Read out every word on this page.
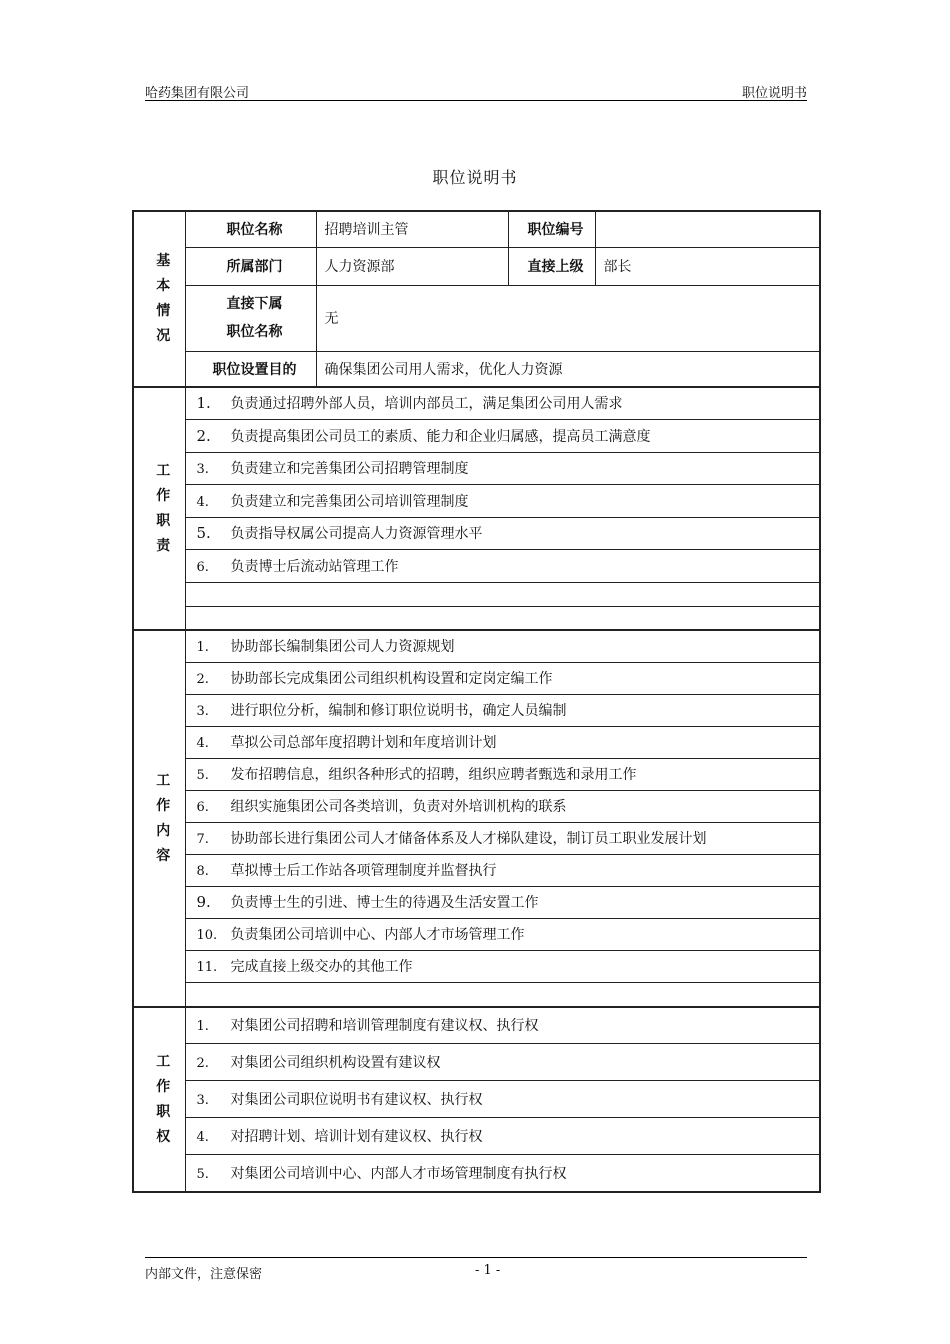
哈药集团有限公司	职位说明书
职位说明书
基
本
情
况	职位名称	招聘培训主管	职位编号	
	所属部门	人力资源部	直接上级	部长

	直接下属
职位名称	无		
	职位设置目的	确保集团公司用人需求，优化人力资源		
工
作
职
责	1. 负责通过招聘外部人员，培训内部员工，满足集团公司用人需求			
	2. 负责提高集团公司员工的素质、能力和企业归属感，提高员工满意度			
	3. 负责建立和完善集团公司招聘管理制度			
	4. 负责建立和完善集团公司培训管理制度			
	5. 负责指导权属公司提高人力资源管理水平			
	6. 负责博士后流动站管理工作			

工
作
内
容	1. 协助部长编制集团公司人力资源规划			
	2. 协助部长完成集团公司组织机构设置和定岗定编工作			
	3. 进行职位分析，编制和修订职位说明书，确定人员编制			
	4. 草拟公司总部年度招聘计划和年度培训计划			
	5. 发布招聘信息，组织各种形式的招聘，组织应聘者甄选和录用工作			
	6. 组织实施集团公司各类培训，负责对外培训机构的联系			
	7. 协助部长进行集团公司人才储备体系及人才梯队建设，制订员工职业发展计划			
	8. 草拟博士后工作站各项管理制度并监督执行			
	9. 负责博士生的引进、博士生的待遇及生活安置工作			
	10. 负责集团公司培训中心、内部人才市场管理工作			
	11. 完成直接上级交办的其他工作			

工
作
职
权	1. 对集团公司招聘和培训管理制度有建议权、执行权			
	2. 对集团公司组织机构设置有建议权			
	3. 对集团公司职位说明书有建议权、执行权			
	4. 对招聘计划、培训计划有建议权、执行权			
	5. 对集团公司培训中心、内部人才市场管理制度有执行权			
内部文件，注意保密	- 1 -
